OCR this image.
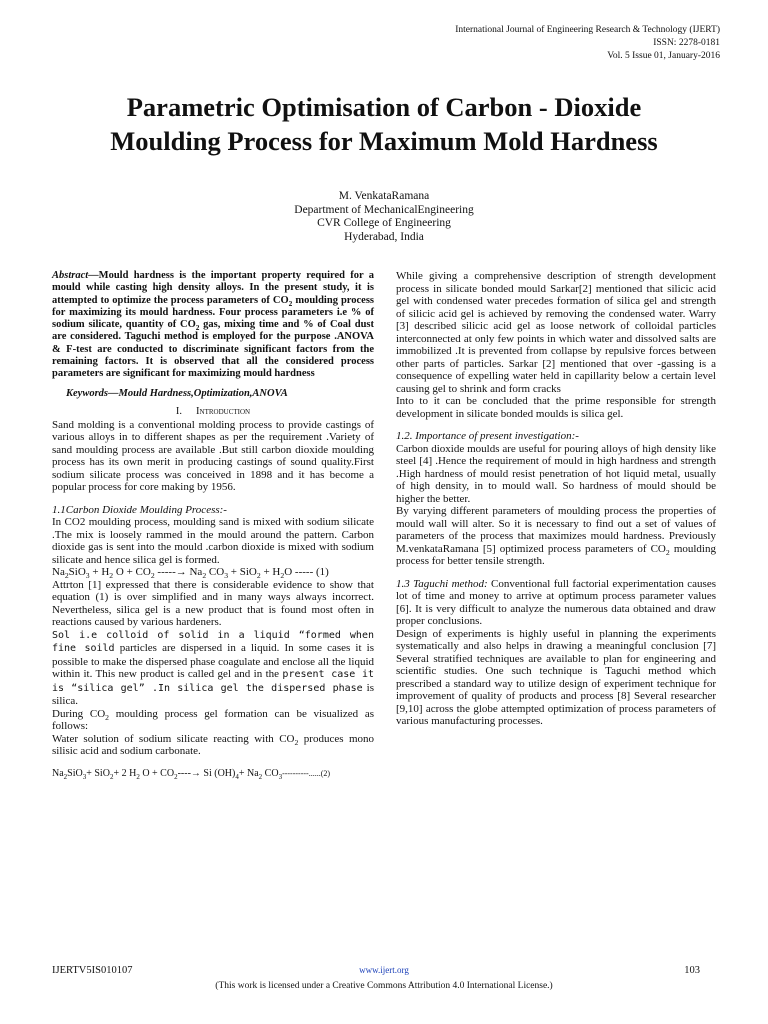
International Journal of Engineering Research & Technology (IJERT)
ISSN: 2278-0181
Vol. 5 Issue 01, January-2016
Parametric Optimisation of Carbon - Dioxide
Moulding Process for Maximum Mold Hardness
M. VenkataRamana
Department of MechanicalEngineering
CVR College of Engineering
Hyderabad, India

Abstract—Mould hardness is the important property required for a mould while casting high density alloys. In the present study, it is attempted to optimize the process parameters of $CO_2$ moulding process for maximizing its mould hardness. Four process parameters i.e % of sodium silicate, quantity of $CO_2$ gas, mixing time and % of Coal dust are considered. Taguchi method is employed for the purpose .ANOVA & F-test are conducted to discriminate significant factors from the remaining factors. It is observed that all the considered process parameters are significant for maximizing mould hardness

Keywords—Mould Hardness,Optimization,ANOVA

I. Introduction

Sand molding is a conventional molding process to provide castings of various alloys in to different shapes as per the requirement .Variety of sand moulding process are available .But still carbon dioxide moulding process has its own merit in producing castings of sound quality.First sodium silicate process was conceived in 1898 and it has become a popular process for core making by 1956.

1.1Carbon Dioxide Moulding Process:-

In CO2 moulding process, moulding sand is mixed with sodium silicate .The mix is loosely rammed in the mould around the pattern. Carbon dioxide gas is sent into the mould .carbon dioxide is mixed with sodium silicate and hence silica gel is formed.

$Na_2SiO_3 + H_2$ $O + CO_2$ -----→ $Na_2$ $CO_3 + SiO_2 + H_2O$ ----- (1)

Attrton [1] expressed that there is considerable evidence to show that equation (1) is over simplified and in many ways always incorrect. Nevertheless, silica gel is a new product that is found most often in reactions caused by various hardeners.

Sol i.e colloid of solid in a liquid “formed when fine soild particles are dispersed in a liquid. In some cases it is possible to make the dispersed phase coagulate and enclose all the liquid within it. This new product is called gel and in the present case it is “silica gel” .In silica gel the dispersed phase is silica.

During $CO_2$ moulding process gel formation can be visualized as follows:

Water solution of sodium silicate reacting with $CO_2$ produces mono silisic acid and sodium carbonate.

$Na_2SiO_3+ SiO_2+ 2$ $H_2$ $O + CO_2----\to Si$ $(OH)_4+ Na_2$ $CO_3----------......(2)$

While giving a comprehensive description of strength development process in silicate bonded mould Sarkar[2] mentioned that silicic acid gel with condensed water precedes formation of silica gel and strength of silicic acid gel is achieved by removing the condensed water. Warry [3] described silicic acid gel as loose network of colloidal particles interconnected at only few points in which water and dissolved salts are immobilized .It is prevented from collapse by repulsive forces between other parts of particles. Sarkar [2] mentioned that over -gassing is a consequence of expelling water held in capillarity below a certain level causing gel to shrink and form cracks

Into to it can be concluded that the prime responsible for strength development in silicate bonded moulds is silica gel.

1.2. Importance of present investigation:-

Carbon dioxide moulds are useful for pouring alloys of high density like steel [4] .Hence the requirement of mould in high hardness and strength .High hardness of mould resist penetration of hot liquid metal, usually of high density, in to mould wall. So hardness of mould should be higher the better.

By varying different parameters of moulding process the properties of mould wall will alter. So it is necessary to find out a set of values of parameters of the process that maximizes mould hardness. Previously M.venkataRamana [5] optimized process parameters of $CO_2$ moulding process for better tensile strength.

1.3 Taguchi method: Conventional full factorial experimentation causes lot of time and money to arrive at optimum process parameter values [6]. It is very difficult to analyze the numerous data obtained and draw proper conclusions.

Design of experiments is highly useful in planning the experiments systematically and also helps in drawing a meaningful conclusion [7] Several stratified techniques are available to plan for engineering and scientific studies. One such technique is Taguchi method which prescribed a standard way to utilize design of experiment technique for improvement of quality of products and process [8] Several researcher [9,10] across the globe attempted optimization of process parameters of various manufacturing processes.

IJERTV5IS010107	www.ijert.org	103
(This work is licensed under a Creative Commons Attribution 4.0 International License.)
